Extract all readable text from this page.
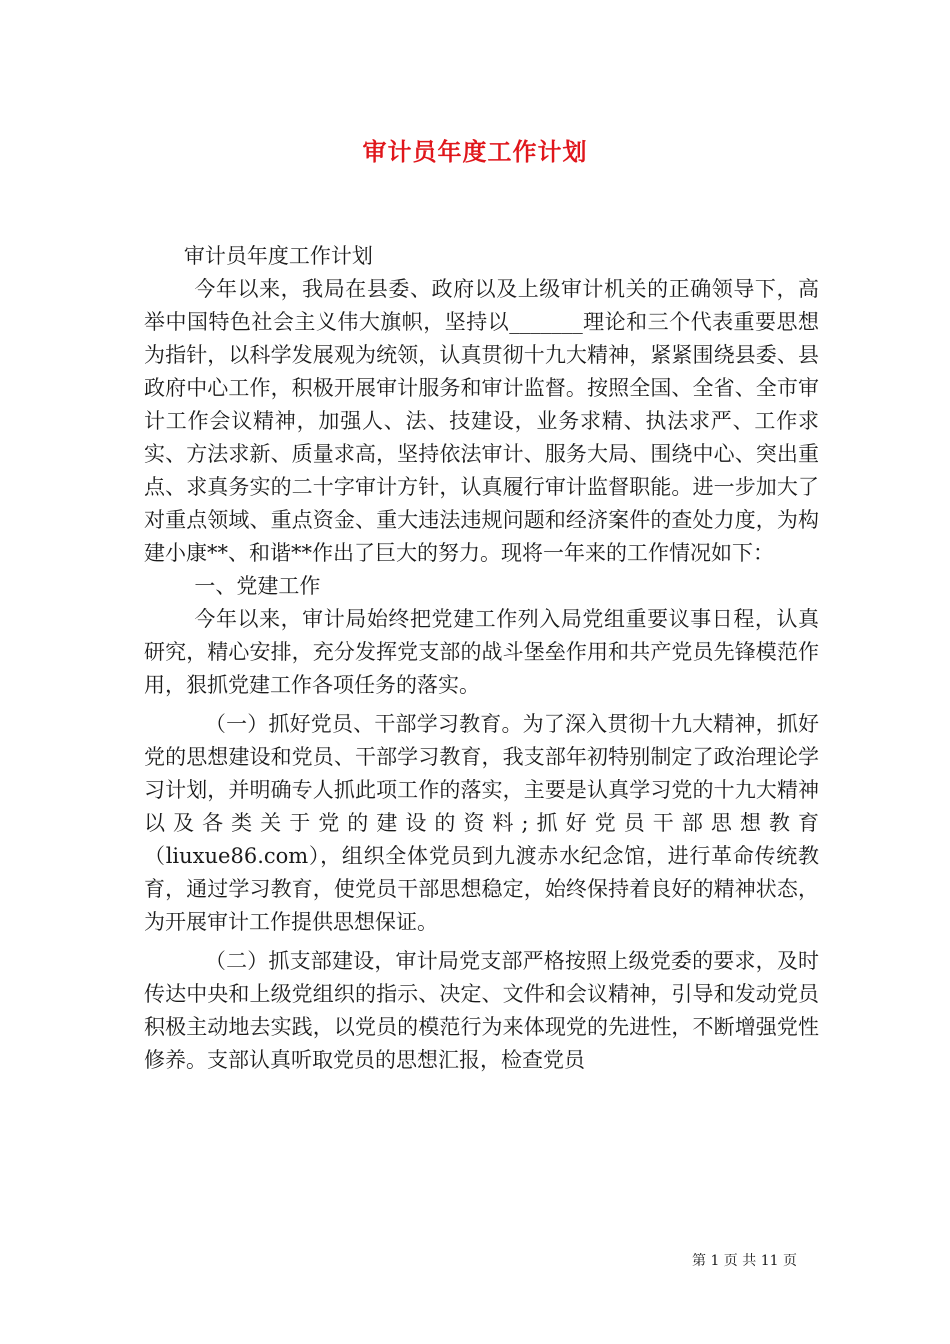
审计员年度工作计划

审计员年度工作计划

今年以来，我局在县委、政府以及上级审计机关的正确领导下，高举中国特色社会主义伟大旗帜，坚持以_______理论和三个代表重要思想为指针，以科学发展观为统领，认真贯彻十九大精神，紧紧围绕县委、县政府中心工作，积极开展审计服务和审计监督。按照全国、全省、全市审计工作会议精神，加强人、法、技建设，业务求精、执法求严、工作求实、方法求新、质量求高，坚持依法审计、服务大局、围绕中心、突出重点、求真务实的二十字审计方针，认真履行审计监督职能。进一步加大了对重点领域、重点资金、重大违法违规问题和经济案件的查处力度，为构建小康**、和谐**作出了巨大的努力。现将一年来的工作情况如下：

一、党建工作

今年以来，审计局始终把党建工作列入局党组重要议事日程，认真研究，精心安排，充分发挥党支部的战斗堡垒作用和共产党员先锋模范作用，狠抓党建工作各项任务的落实。

（一）抓好党员、干部学习教育。为了深入贯彻十九大精神，抓好党的思想建设和党员、干部学习教育，我支部年初特别制定了政治理论学习计划，并明确专人抓此项工作的落实，主要是认真学习党的十九大精神以及各类关于党的建设的资料;抓好党员干部思想教育（liuxue86.com），组织全体党员到九渡赤水纪念馆，进行革命传统教育，通过学习教育，使党员干部思想稳定，始终保持着良好的精神状态，为开展审计工作提供思想保证。

（二）抓支部建设，审计局党支部严格按照上级党委的要求，及时传达中央和上级党组织的指示、决定、文件和会议精神，引导和发动党员积极主动地去实践，以党员的模范行为来体现党的先进性，不断增强党性修养。支部认真听取党员的思想汇报，检查党员

第 1 页 共 11 页
